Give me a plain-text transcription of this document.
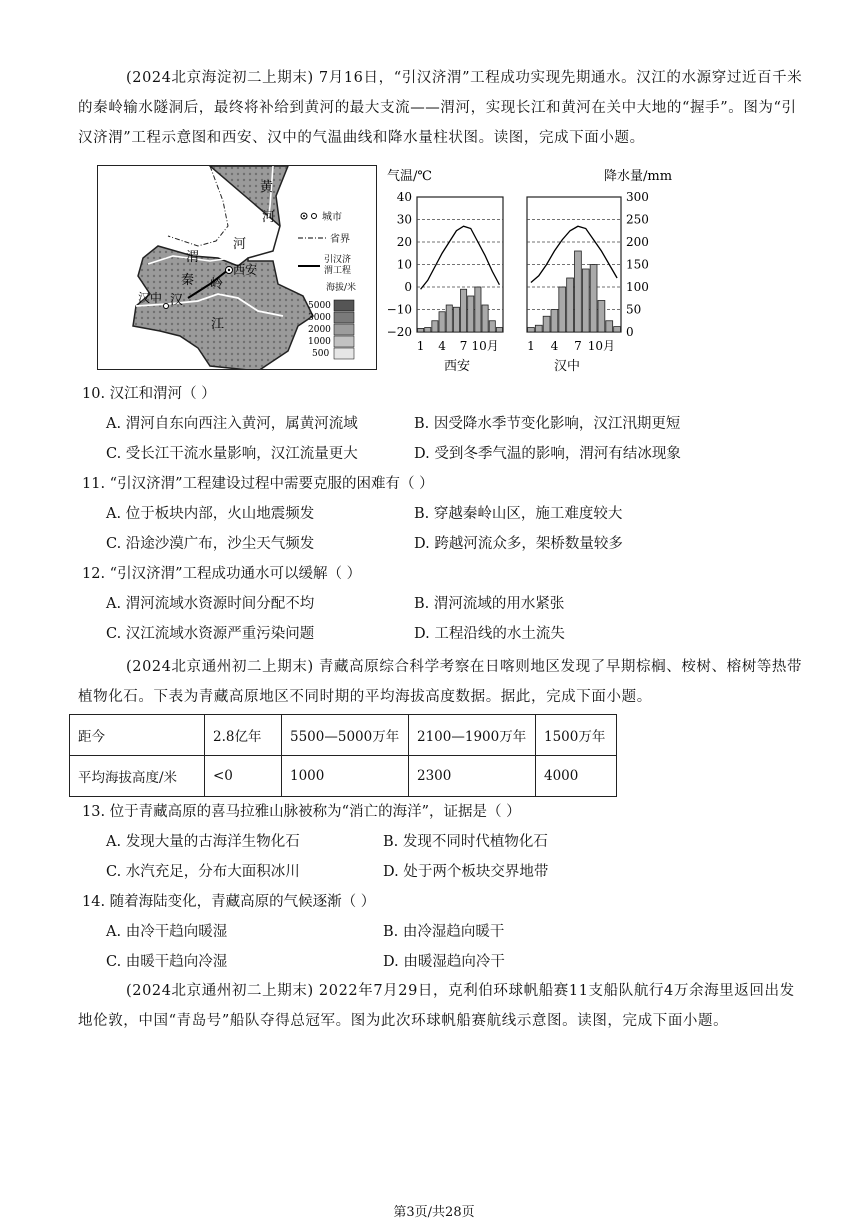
(2024北京海淀初二上期末) 7月16日，“引汉济渭”工程成功实现先期通水。汉江的水源穿过近百千米的秦岭输水隧洞后，最终将补给到黄河的最大支流——渭河，实现长江和黄河在关中大地的“握手”。图为“引汉济渭”工程示意图和西安、汉中的气温曲线和降水量柱状图。读图，完成下面小题。
黄
河
河
渭
秦 岭
西安
汉中 汉
江
城市
省界
引汉济 渭工程
海拔/米
5000
3000
2000
1000
500
气温/℃	降水量/mm
40
30
20
10
0
−10
−20
300
250
200
150
100
50
0
1 4 7 10月 1 4 7 10月
西安	汉中
10. 汉江和渭河（ ）
A. 渭河自东向西注入黄河，属黄河流域	B. 因受降水季节变化影响，汉江汛期更短
C. 受长江干流水量影响，汉江流量更大	D. 受到冬季气温的影响，渭河有结冰现象
11. “引汉济渭”工程建设过程中需要克服的困难有（ ）
A. 位于板块内部，火山地震频发	B. 穿越秦岭山区，施工难度较大
C. 沿途沙漠广布，沙尘天气频发	D. 跨越河流众多，架桥数量较多
12. “引汉济渭”工程成功通水可以缓解（ ）
A. 渭河流域水资源时间分配不均	B. 渭河流域的用水紧张
C. 汉江流域水资源严重污染问题	D. 工程沿线的水土流失
(2024北京通州初二上期末) 青藏高原综合科学考察在日喀则地区发现了早期棕榈、桉树、榕树等热带植物化石。下表为青藏高原地区不同时期的平均海拔高度数据。据此，完成下面小题。
距今	2.8亿年	5500—5000万年	2100—1900万年	1500万年
平均海拔高度/米	<0	1000	2300	4000
13. 位于青藏高原的喜马拉雅山脉被称为“消亡的海洋”，证据是（ ）
A. 发现大量的古海洋生物化石	B. 发现不同时代植物化石
C. 水汽充足，分布大面积冰川	D. 处于两个板块交界地带
14. 随着海陆变化，青藏高原的气候逐渐（ ）
A. 由冷干趋向暖湿	B. 由冷湿趋向暖干
C. 由暖干趋向冷湿	D. 由暖湿趋向冷干
(2024北京通州初二上期末) 2022年7月29日，克利伯环球帆船赛11支船队航行4万余海里返回出发地伦敦，中国“青岛号”船队夺得总冠军。图为此次环球帆船赛航线示意图。读图，完成下面小题。
第3页/共28页
